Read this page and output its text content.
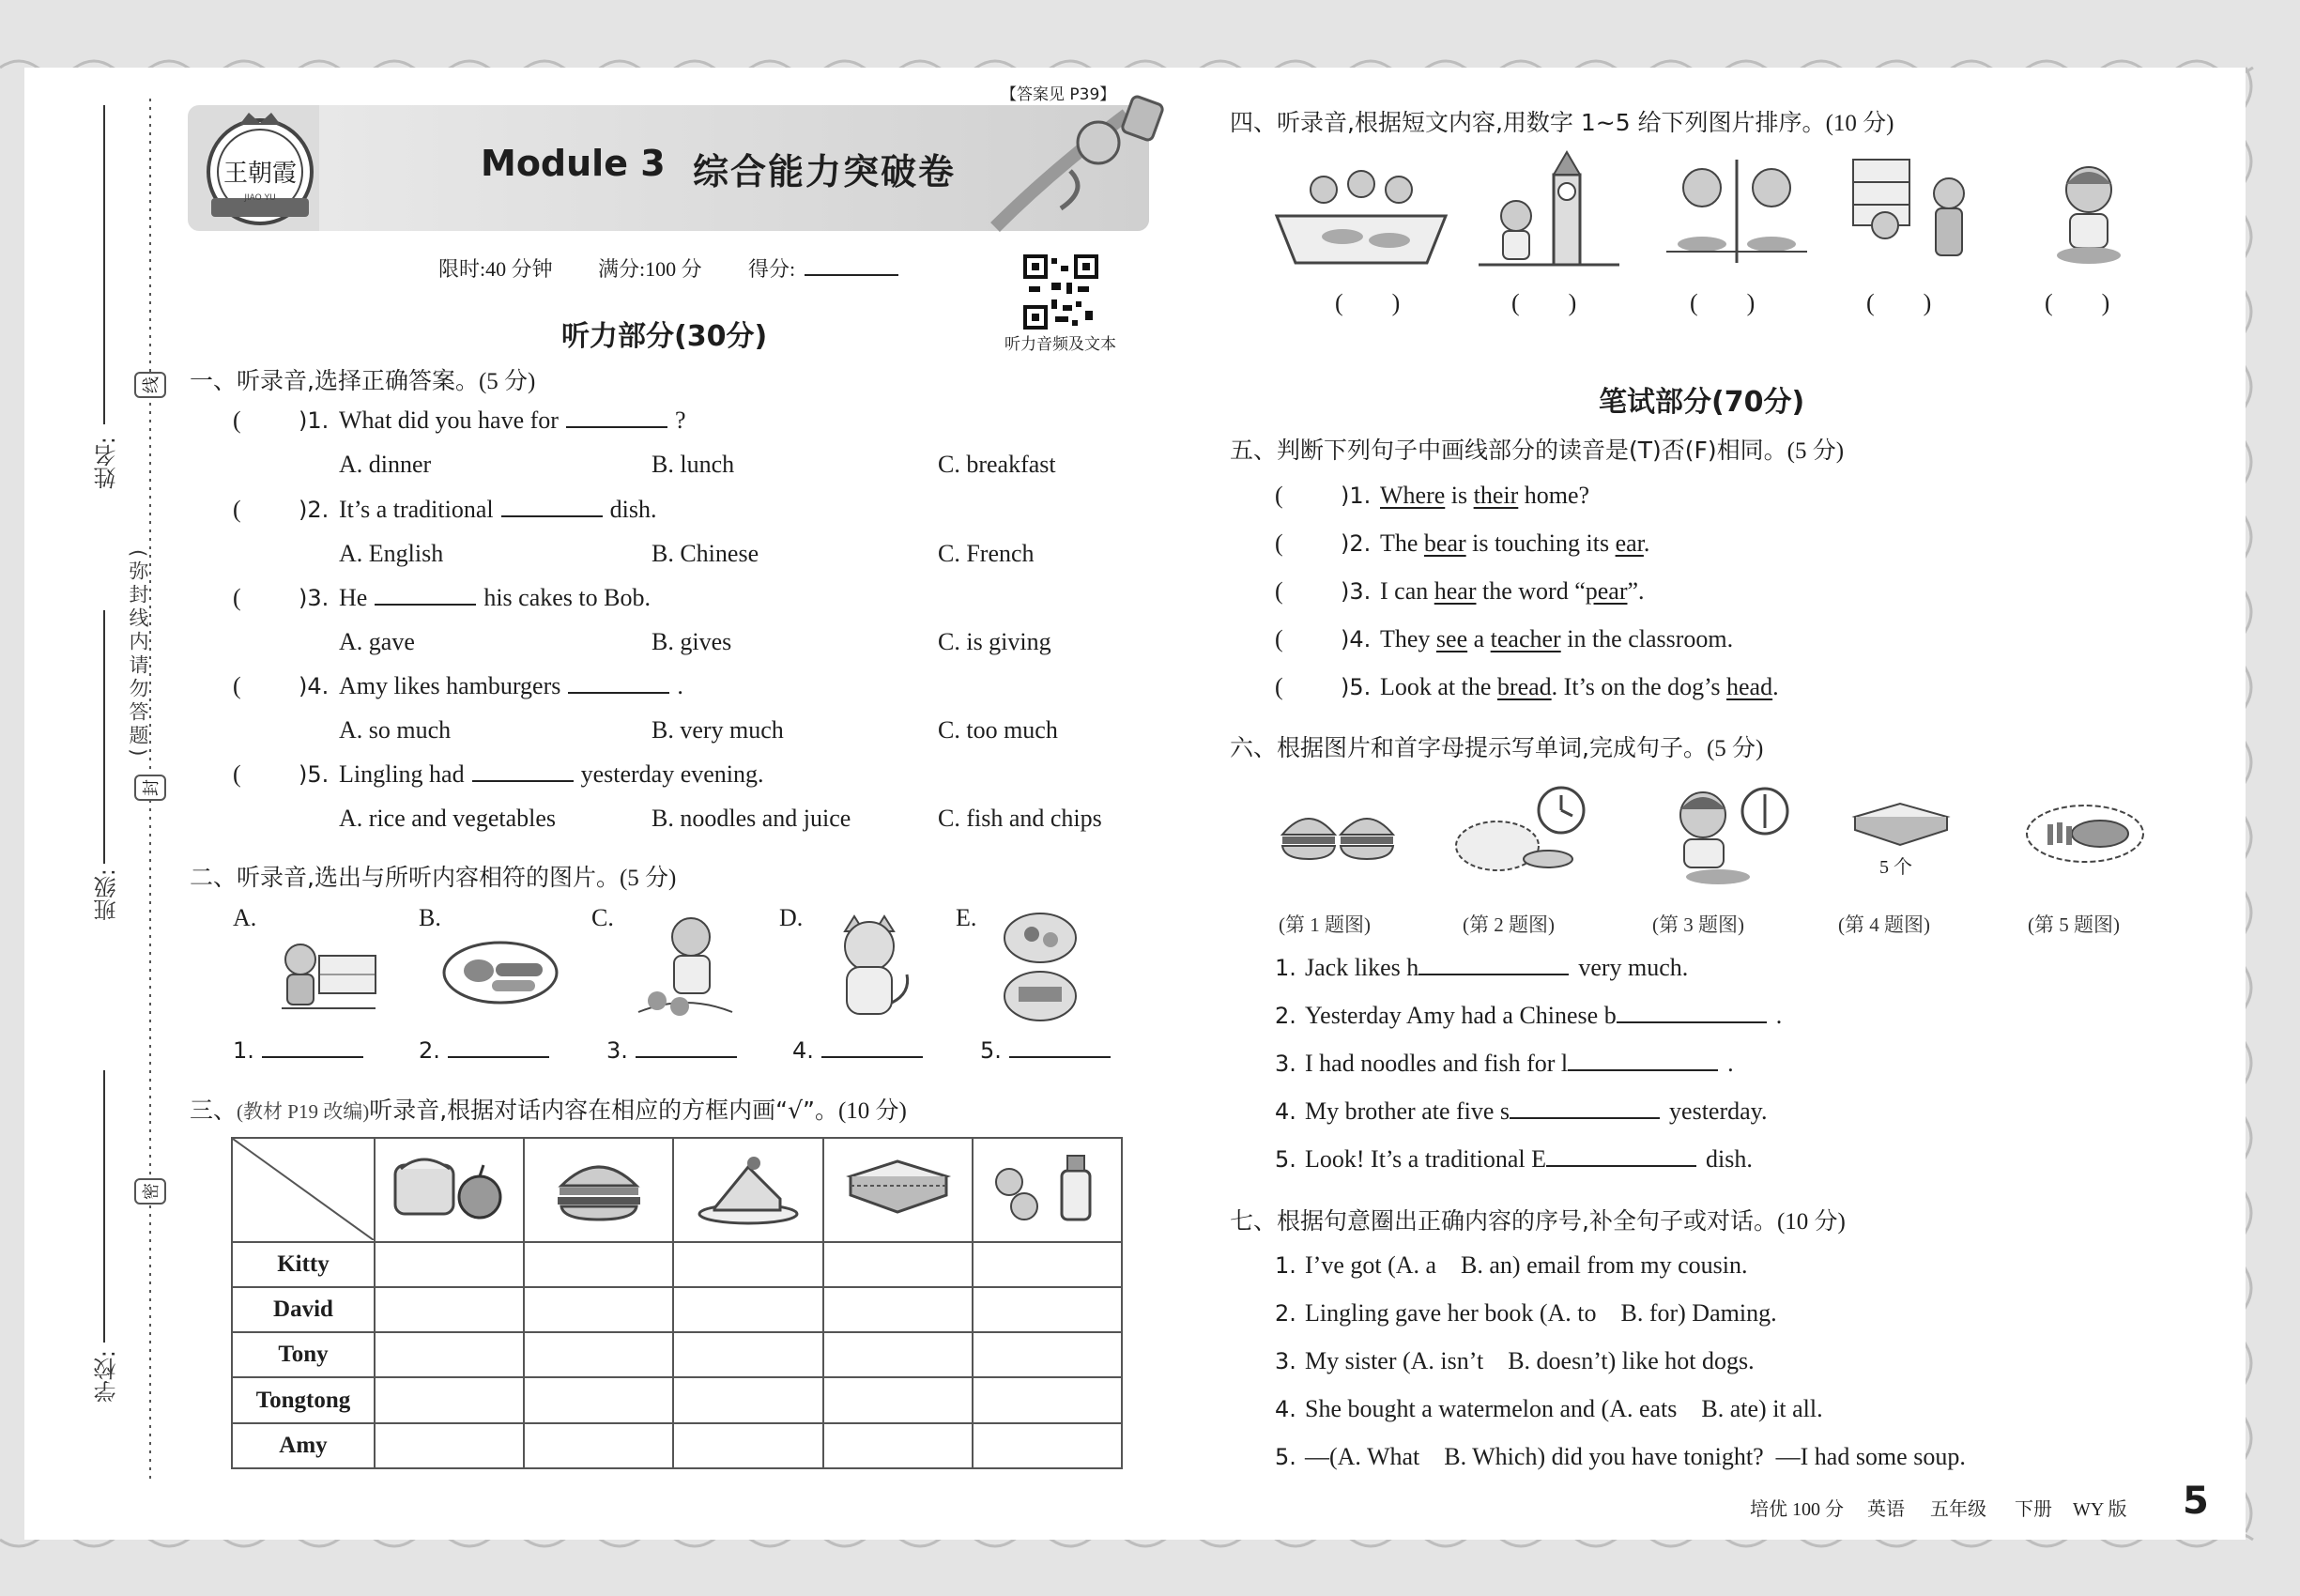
姓名:
班级:
学校:
(弥封线内请勿答题)
线
封
密
王朝霞
JIAO YU
Module 3 综合能力突破卷
【答案见 P39】
限时:40 分钟 满分:100 分 得分:
听力音频及文本
听力部分(30分)
一、听录音,选择正确答案。(5 分)
二、听录音,选出与所听内容相符的图片。(5 分)
三、(教材 P19 改编)听录音,根据对话内容在相应的方框内画“√”。(10 分)

Kitty					
David					
Tony					
Tongtong					
Amy					
四、听录音,根据短文内容,用数字 1~5 给下列图片排序。(10 分)
笔试部分(70分)
五、判断下列句子中画线部分的读音是(T)否(F)相同。(5 分)
六、根据图片和首字母提示写单词,完成句子。(5 分)
5 个
七、根据句意圈出正确内容的序号,补全句子或对话。(10 分)
培优 100 分 英语 五年级 下册 WY 版 5
(	)1. What did you have for	?
A. dinner	B. lunch	C. breakfast
(	)2. It’s a traditional	dish.
A. English	B. Chinese	C. French
(	)3. He	his cakes to Bob.
A. gave	B. gives	C. is giving
(	)4. Amy likes hamburgers	.
A. so much	B. very much	C. too much
(	)5. Lingling had	yesterday evening.
A. rice and vegetables	B. noodles and juice	C. fish and chips
A.	B.	C.	D.	E.
1.	2.	3.	4.	5.
(　　)	(　　)	(　　)	(　　)	(　　)
(	)1. Where is their home?
(	)2. The bear is touching its ear.
(	)3. I can hear the word “pear”.
(	)4. They see a teacher in the classroom.
(	)5. Look at the bread. It’s on the dog’s head.
(第 1 题图)	(第 2 题图)	(第 3 题图)	(第 4 题图)	(第 5 题图)
1. Jack likes h	very much.
2. Yesterday Amy had a Chinese b	.
3. I had noodles and fish for l	.
4. My brother ate five s	yesterday.
5. Look! It’s a traditional E	dish.
1. I’ve got (A. a    B. an) email from my cousin.
2. Lingling gave her book (A. to    B. for) Daming.
3. My sister (A. isn’t    B. doesn’t) like hot dogs.
4. She bought a watermelon and (A. eats    B. ate) it all.
5. —(A. What    B. Which) did you have tonight?  —I had some soup.
